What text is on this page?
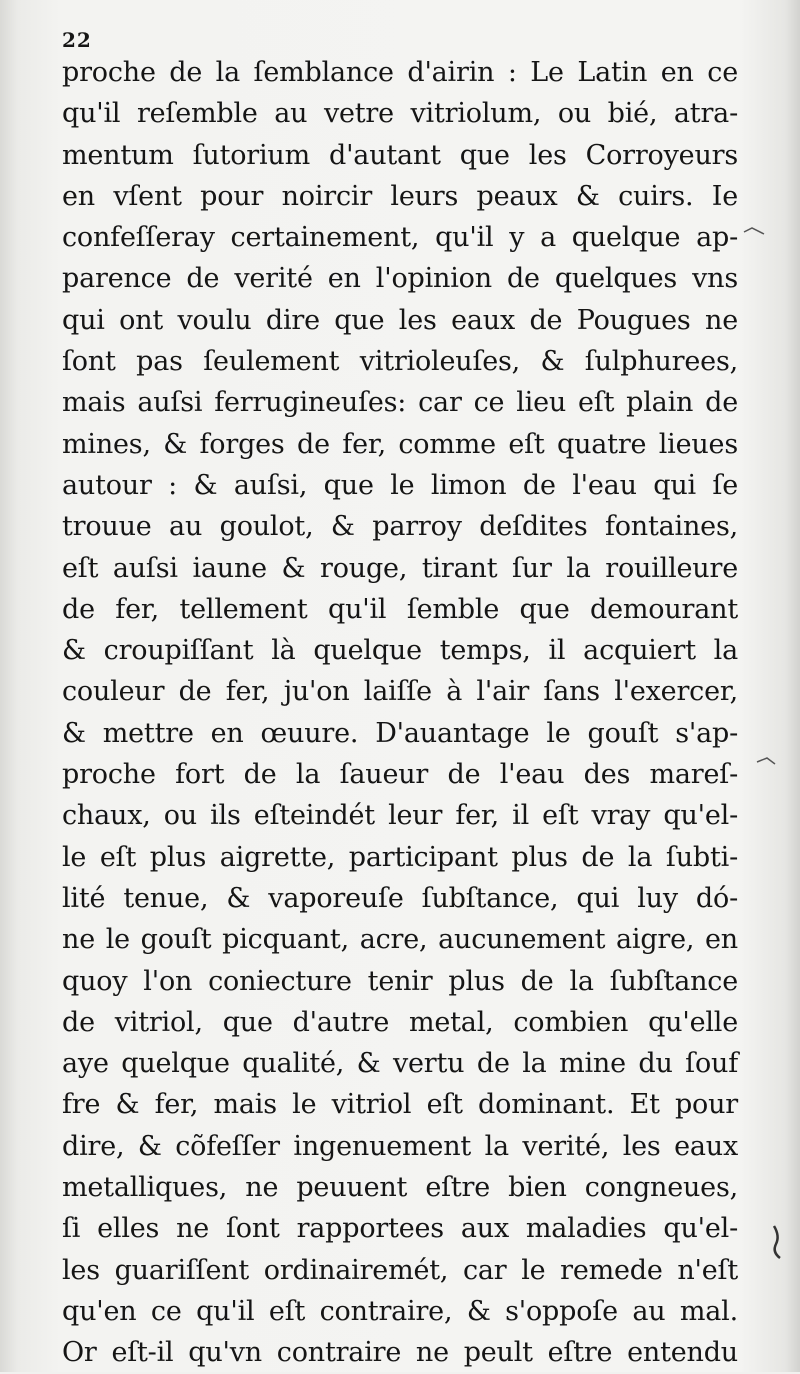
22
proche de la ſemblance d'airin : Le Latin en ce
qu'il reſemble au vetre vitriolum, ou bié, atra-
mentum ſutorium d'autant que les Corroyeurs
en vſent pour noircir leurs peaux & cuirs. Ie
confeſſeray certainement, qu'il y a quelque ap-
parence de verité en l'opinion de quelques vns
qui ont voulu dire que les eaux de Pougues ne
ſont pas ſeulement vitrioleuſes, & ſulphurees,
mais auſsi ferrugineuſes: car ce lieu eſt plain de
mines, & forges de fer, comme eſt quatre lieues
autour : & auſsi, que le limon de l'eau qui ſe
trouue au goulot, & parroy deſdites fontaines,
eſt auſsi iaune & rouge, tirant ſur la rouilleure
de fer, tellement qu'il ſemble que demourant
& croupiſſant là quelque temps, il acquiert la
couleur de fer, ju'on laiſſe à l'air ſans l'exercer,
& mettre en œuure. D'auantage le gouſt s'ap-
proche fort de la ſaueur de l'eau des mareſ-
chaux, ou ils eſteindét leur fer, il eſt vray qu'el-
le eſt plus aigrette, participant plus de la ſubti-
lité tenue, & vaporeuſe ſubſtance, qui luy dó-
ne le gouſt picquant, acre, aucunement aigre, en
quoy l'on coniecture tenir plus de la ſubſtance
de vitriol, que d'autre metal, combien qu'elle
aye quelque qualité, & vertu de la mine du ſouf
fre & fer, mais le vitriol eſt dominant. Et pour
dire, & cõfeſſer ingenuement la verité, les eaux
metalliques, ne peuuent eſtre bien congneues,
ſi elles ne ſont rapportees aux maladies qu'el-
les guariſſent ordinairemét, car le remede n'eſt
qu'en ce qu'il eſt contraire, & s'oppoſe au mal.
Or eſt-il qu'vn contraire ne peult eſtre entendu
